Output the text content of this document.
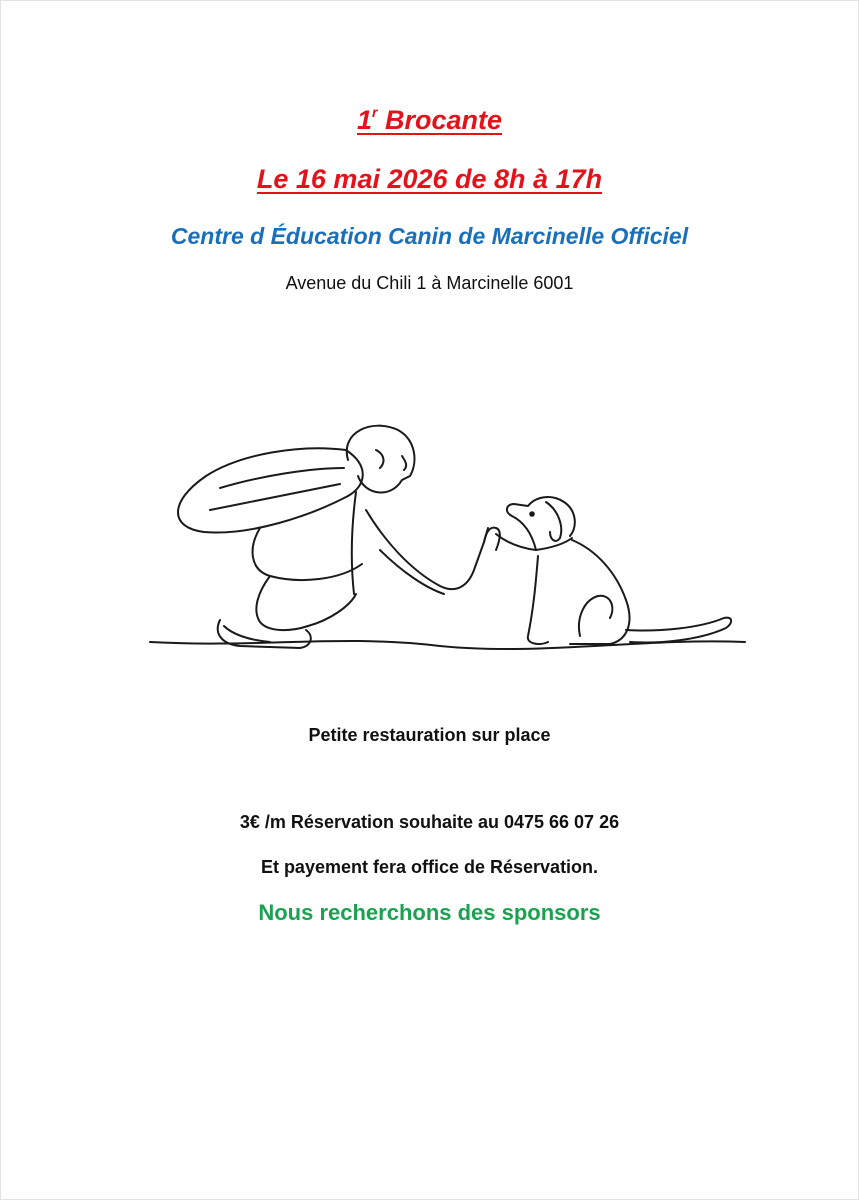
1$^r$ Brocante
Le 16 mai 2026 de 8h à 17h
Centre d Éducation Canin de Marcinelle Officiel
Avenue du Chili 1 à Marcinelle 6001
Petite restauration sur place
3€ /m Réservation souhaite au 0475 66 07 26
Et payement fera office de Réservation.
Nous recherchons des sponsors
